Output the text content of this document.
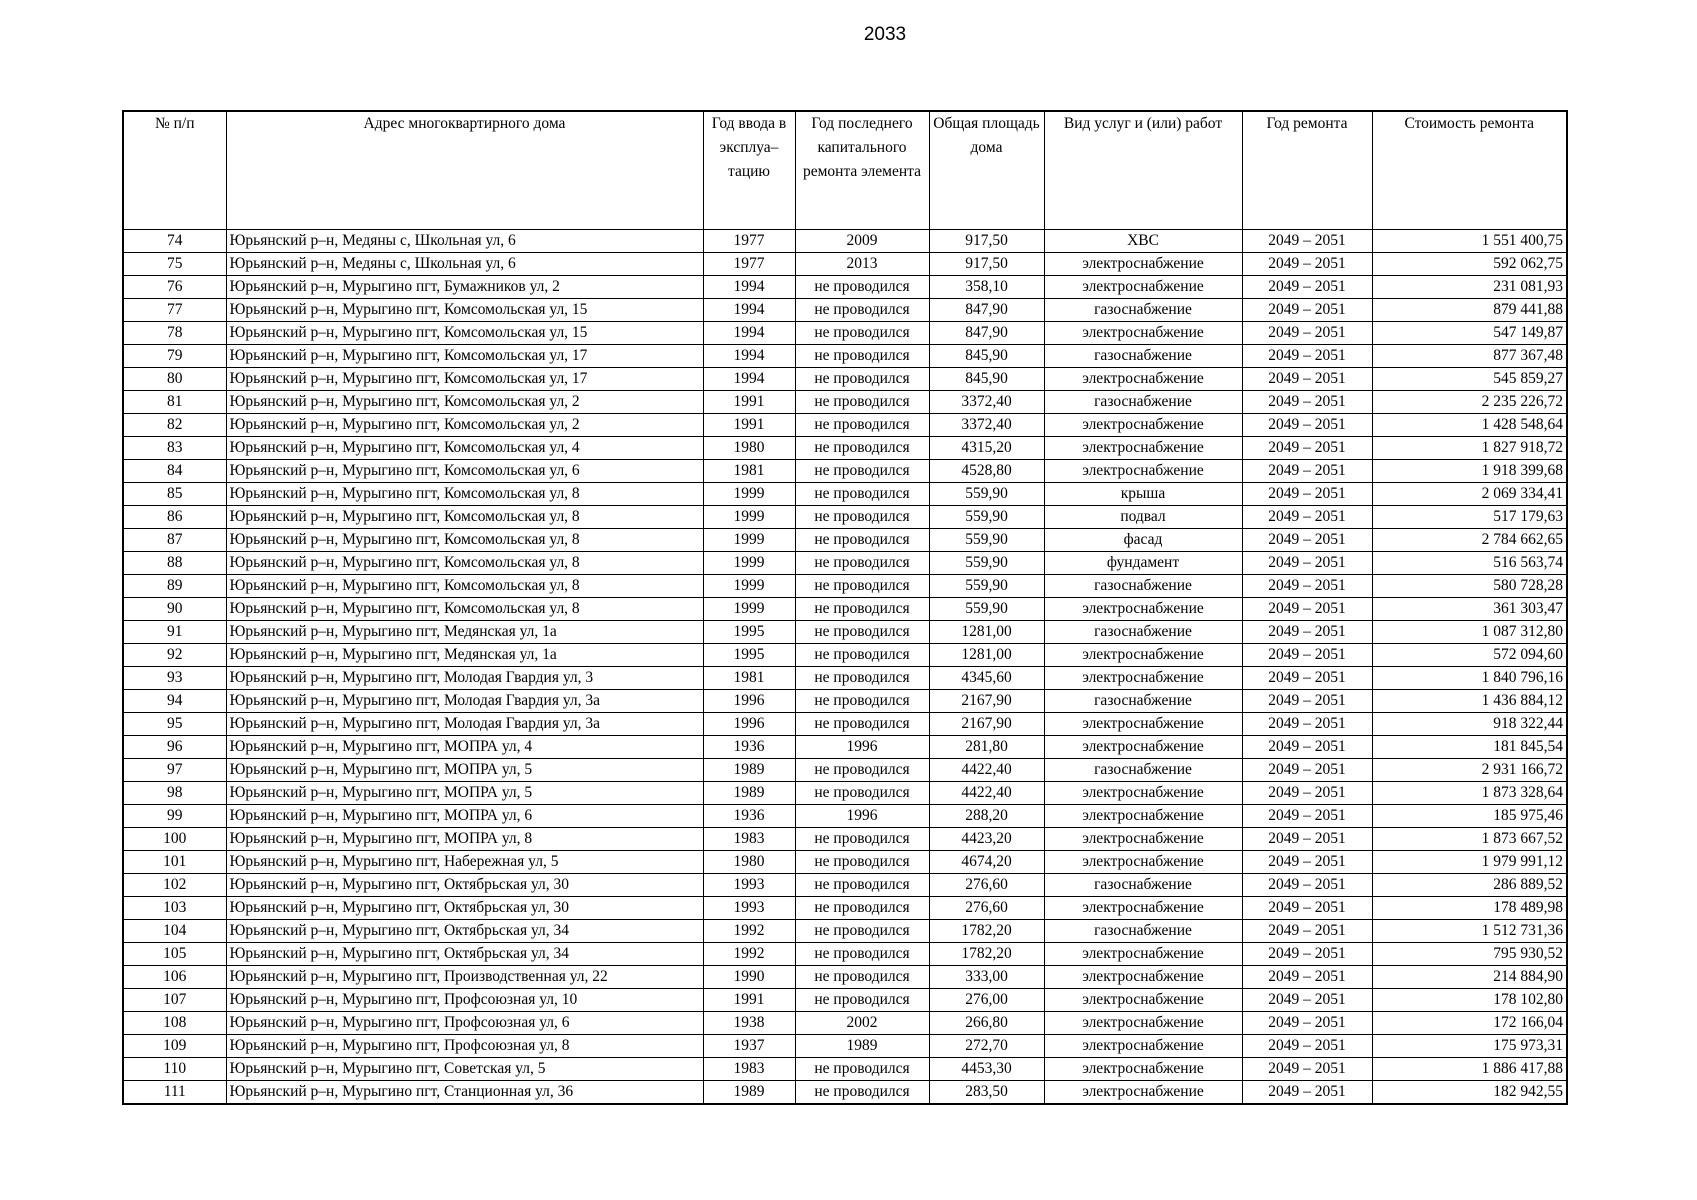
2033
№ п/п	Адрес многоквартирного дома	Год ввода в эксплуа–тацию	Год последнего капитального ремонта элемента	Общая площадь дома	Вид услуг и (или) работ	Год ремонта	Стоимость ремонта
74	Юрьянский р–н, Медяны с, Школьная ул, 6	1977	2009	917,50	ХВС	2049 – 2051	1 551 400,75
75	Юрьянский р–н, Медяны с, Школьная ул, 6	1977	2013	917,50	электроснабжение	2049 – 2051	592 062,75
76	Юрьянский р–н, Мурыгино пгт, Бумажников ул, 2	1994	не проводился	358,10	электроснабжение	2049 – 2051	231 081,93
77	Юрьянский р–н, Мурыгино пгт, Комсомольская ул, 15	1994	не проводился	847,90	газоснабжение	2049 – 2051	879 441,88
78	Юрьянский р–н, Мурыгино пгт, Комсомольская ул, 15	1994	не проводился	847,90	электроснабжение	2049 – 2051	547 149,87
79	Юрьянский р–н, Мурыгино пгт, Комсомольская ул, 17	1994	не проводился	845,90	газоснабжение	2049 – 2051	877 367,48
80	Юрьянский р–н, Мурыгино пгт, Комсомольская ул, 17	1994	не проводился	845,90	электроснабжение	2049 – 2051	545 859,27
81	Юрьянский р–н, Мурыгино пгт, Комсомольская ул, 2	1991	не проводился	3372,40	газоснабжение	2049 – 2051	2 235 226,72
82	Юрьянский р–н, Мурыгино пгт, Комсомольская ул, 2	1991	не проводился	3372,40	электроснабжение	2049 – 2051	1 428 548,64
83	Юрьянский р–н, Мурыгино пгт, Комсомольская ул, 4	1980	не проводился	4315,20	электроснабжение	2049 – 2051	1 827 918,72
84	Юрьянский р–н, Мурыгино пгт, Комсомольская ул, 6	1981	не проводился	4528,80	электроснабжение	2049 – 2051	1 918 399,68
85	Юрьянский р–н, Мурыгино пгт, Комсомольская ул, 8	1999	не проводился	559,90	крыша	2049 – 2051	2 069 334,41
86	Юрьянский р–н, Мурыгино пгт, Комсомольская ул, 8	1999	не проводился	559,90	подвал	2049 – 2051	517 179,63
87	Юрьянский р–н, Мурыгино пгт, Комсомольская ул, 8	1999	не проводился	559,90	фасад	2049 – 2051	2 784 662,65
88	Юрьянский р–н, Мурыгино пгт, Комсомольская ул, 8	1999	не проводился	559,90	фундамент	2049 – 2051	516 563,74
89	Юрьянский р–н, Мурыгино пгт, Комсомольская ул, 8	1999	не проводился	559,90	газоснабжение	2049 – 2051	580 728,28
90	Юрьянский р–н, Мурыгино пгт, Комсомольская ул, 8	1999	не проводился	559,90	электроснабжение	2049 – 2051	361 303,47
91	Юрьянский р–н, Мурыгино пгт, Медянская ул, 1а	1995	не проводился	1281,00	газоснабжение	2049 – 2051	1 087 312,80
92	Юрьянский р–н, Мурыгино пгт, Медянская ул, 1а	1995	не проводился	1281,00	электроснабжение	2049 – 2051	572 094,60
93	Юрьянский р–н, Мурыгино пгт, Молодая Гвардия ул, 3	1981	не проводился	4345,60	электроснабжение	2049 – 2051	1 840 796,16
94	Юрьянский р–н, Мурыгино пгт, Молодая Гвардия ул, 3а	1996	не проводился	2167,90	газоснабжение	2049 – 2051	1 436 884,12
95	Юрьянский р–н, Мурыгино пгт, Молодая Гвардия ул, 3а	1996	не проводился	2167,90	электроснабжение	2049 – 2051	918 322,44
96	Юрьянский р–н, Мурыгино пгт, МОПРА ул, 4	1936	1996	281,80	электроснабжение	2049 – 2051	181 845,54
97	Юрьянский р–н, Мурыгино пгт, МОПРА ул, 5	1989	не проводился	4422,40	газоснабжение	2049 – 2051	2 931 166,72
98	Юрьянский р–н, Мурыгино пгт, МОПРА ул, 5	1989	не проводился	4422,40	электроснабжение	2049 – 2051	1 873 328,64
99	Юрьянский р–н, Мурыгино пгт, МОПРА ул, 6	1936	1996	288,20	электроснабжение	2049 – 2051	185 975,46
100	Юрьянский р–н, Мурыгино пгт, МОПРА ул, 8	1983	не проводился	4423,20	электроснабжение	2049 – 2051	1 873 667,52
101	Юрьянский р–н, Мурыгино пгт, Набережная ул, 5	1980	не проводился	4674,20	электроснабжение	2049 – 2051	1 979 991,12
102	Юрьянский р–н, Мурыгино пгт, Октябрьская ул, 30	1993	не проводился	276,60	газоснабжение	2049 – 2051	286 889,52
103	Юрьянский р–н, Мурыгино пгт, Октябрьская ул, 30	1993	не проводился	276,60	электроснабжение	2049 – 2051	178 489,98
104	Юрьянский р–н, Мурыгино пгт, Октябрьская ул, 34	1992	не проводился	1782,20	газоснабжение	2049 – 2051	1 512 731,36
105	Юрьянский р–н, Мурыгино пгт, Октябрьская ул, 34	1992	не проводился	1782,20	электроснабжение	2049 – 2051	795 930,52
106	Юрьянский р–н, Мурыгино пгт, Производственная ул, 22	1990	не проводился	333,00	электроснабжение	2049 – 2051	214 884,90
107	Юрьянский р–н, Мурыгино пгт, Профсоюзная ул, 10	1991	не проводился	276,00	электроснабжение	2049 – 2051	178 102,80
108	Юрьянский р–н, Мурыгино пгт, Профсоюзная ул, 6	1938	2002	266,80	электроснабжение	2049 – 2051	172 166,04
109	Юрьянский р–н, Мурыгино пгт, Профсоюзная ул, 8	1937	1989	272,70	электроснабжение	2049 – 2051	175 973,31
110	Юрьянский р–н, Мурыгино пгт, Советская ул, 5	1983	не проводился	4453,30	электроснабжение	2049 – 2051	1 886 417,88
111	Юрьянский р–н, Мурыгино пгт, Станционная ул, 36	1989	не проводился	283,50	электроснабжение	2049 – 2051	182 942,55
